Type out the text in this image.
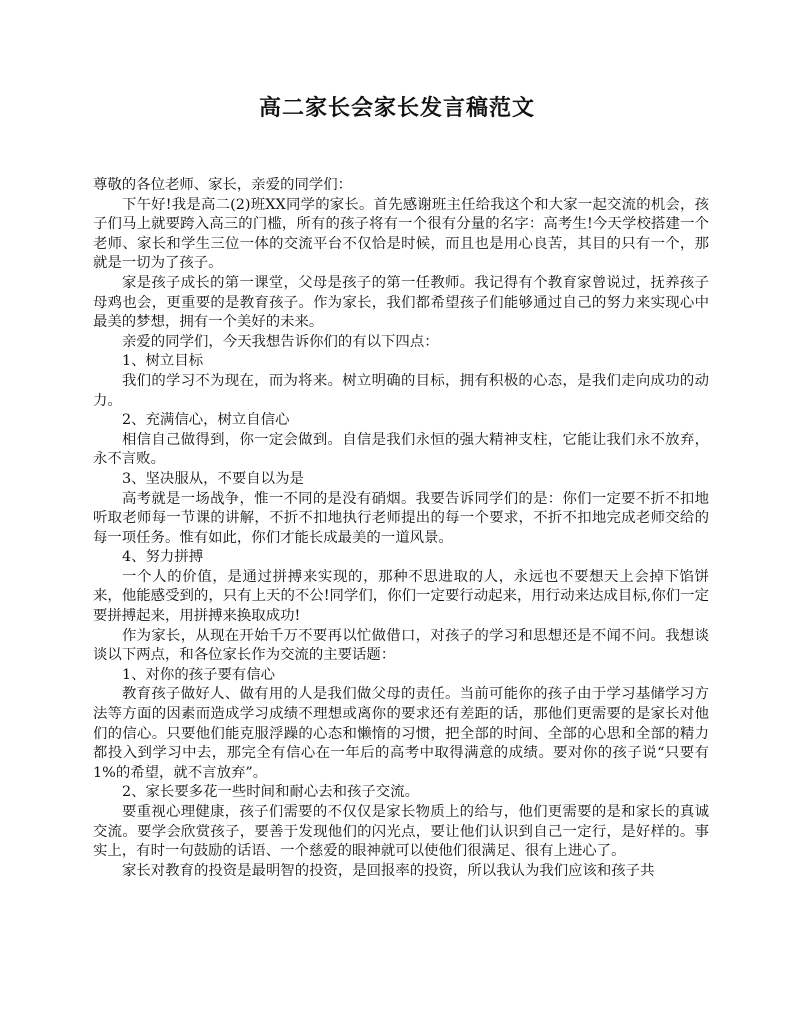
高二家长会家长发言稿范文

尊敬的各位老师、家长，亲爱的同学们：

下午好!我是高二(2)班XX同学的家长。首先感谢班主任给我这个和大家一起交流的机会，孩子们马上就要跨入高三的门槛，所有的孩子将有一个很有分量的名字：高考生!今天学校搭建一个老师、家长和学生三位一体的交流平台不仅恰是时候，而且也是用心良苦，其目的只有一个，那就是一切为了孩子。

家是孩子成长的第一课堂，父母是孩子的第一任教师。我记得有个教育家曾说过，抚养孩子母鸡也会，更重要的是教育孩子。作为家长，我们都希望孩子们能够通过自己的努力来实现心中最美的梦想，拥有一个美好的未来。

亲爱的同学们，今天我想告诉你们的有以下四点：

1、树立目标

我们的学习不为现在，而为将来。树立明确的目标，拥有积极的心态，是我们走向成功的动力。

2、充满信心，树立自信心

相信自己做得到，你一定会做到。自信是我们永恒的强大精神支柱，它能让我们永不放弃，永不言败。

3、坚决服从，不要自以为是

高考就是一场战争，惟一不同的是没有硝烟。我要告诉同学们的是：你们一定要不折不扣地听取老师每一节课的讲解，不折不扣地执行老师提出的每一个要求，不折不扣地完成老师交给的每一项任务。惟有如此，你们才能长成最美的一道风景。

4、努力拼搏

一个人的价值，是通过拼搏来实现的，那种不思进取的人，永远也不要想天上会掉下馅饼来，他能感受到的，只有上天的不公!同学们，你们一定要行动起来，用行动来达成目标,你们一定要拼搏起来，用拼搏来换取成功!

作为家长，从现在开始千万不要再以忙做借口，对孩子的学习和思想还是不闻不问。我想谈谈以下两点，和各位家长作为交流的主要话题：

1、对你的孩子要有信心

教育孩子做好人、做有用的人是我们做父母的责任。当前可能你的孩子由于学习基储学习方法等方面的因素而造成学习成绩不理想或离你的要求还有差距的话，那他们更需要的是家长对他们的信心。只要他们能克服浮躁的心态和懒惰的习惯，把全部的时间、全部的心思和全部的精力都投入到学习中去，那完全有信心在一年后的高考中取得满意的成绩。要对你的孩子说“只要有1%的希望，就不言放弃”。

2、家长要多花一些时间和耐心去和孩子交流。

要重视心理健康，孩子们需要的不仅仅是家长物质上的给与，他们更需要的是和家长的真诚交流。要学会欣赏孩子，要善于发现他们的闪光点，要让他们认识到自己一定行，是好样的。事实上，有时一句鼓励的话语、一个慈爱的眼神就可以使他们很满足、很有上进心了。

家长对教育的投资是最明智的投资，是回报率的投资，所以我认为我们应该和孩子共
